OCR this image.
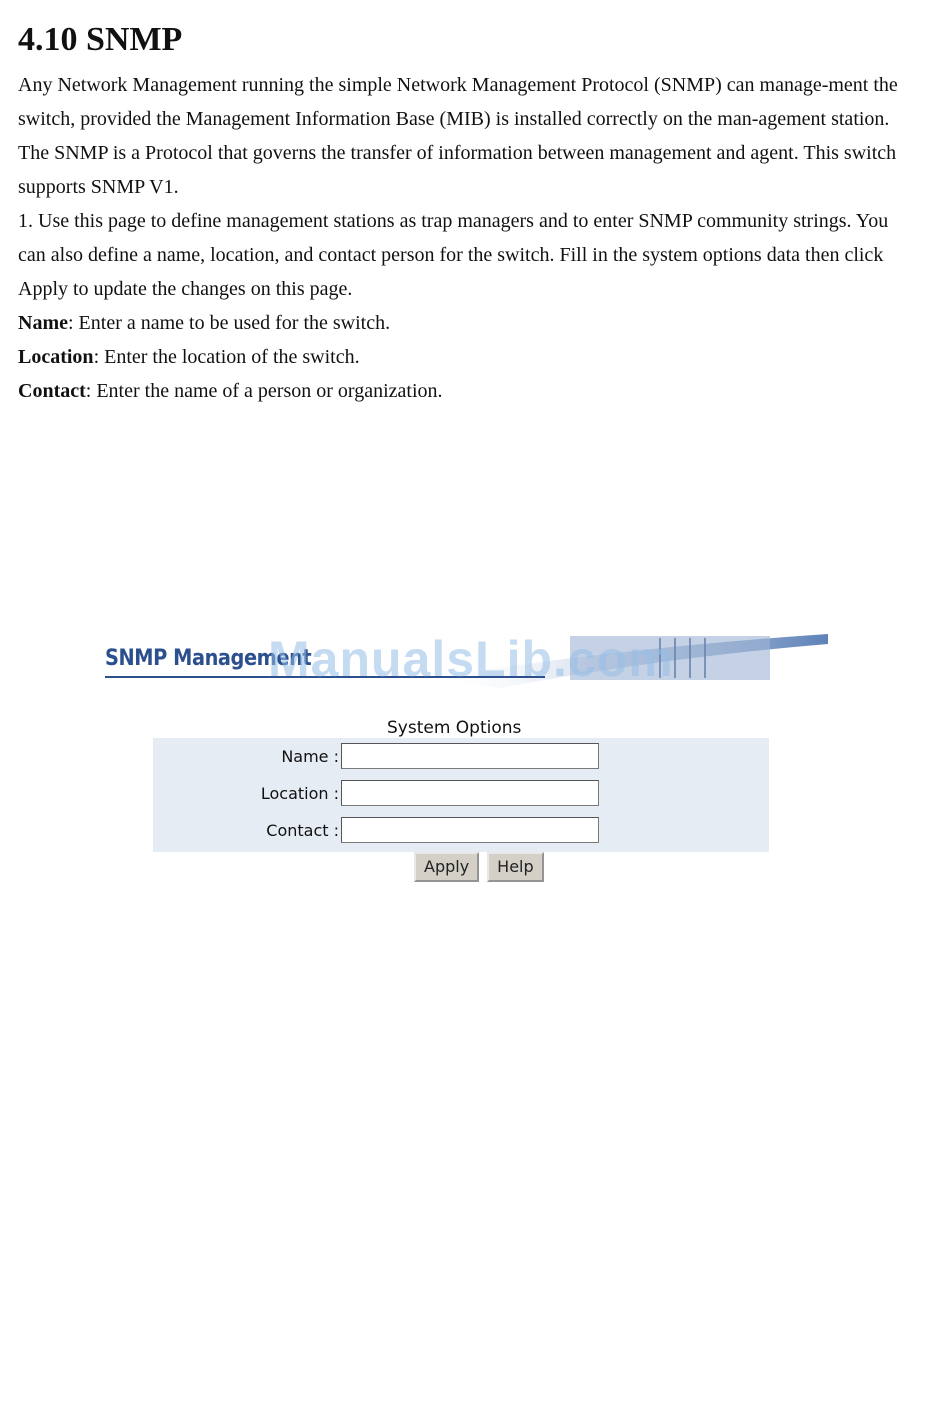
4.10 SNMP

Any Network Management running the simple Network Management Protocol (SNMP) can manage-ment the switch, provided the Management Information Base (MIB) is installed correctly on the man-agement station. The SNMP is a Protocol that governs the transfer of information between management and agent. This switch supports SNMP V1.

1. Use this page to define management stations as trap managers and to enter SNMP community strings. You can also define a name, location, and contact person for the switch. Fill in the system options data then click Apply to update the changes on this page.

Name: Enter a name to be used for the switch.

Location: Enter the location of the switch.

Contact: Enter the name of a person or organization.

SNMP Management
ManualsLib.com
System Options
Name :
Location :
Contact :
Apply Help
